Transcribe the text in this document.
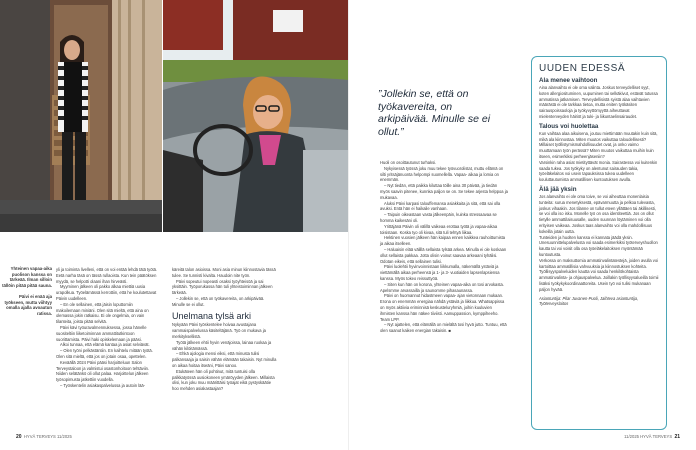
Yhteinen vapaa-aika puolison kanssa on tärkeää. Ilman silloin tällöin pitää pitää sauna.

Päivi ei enää aja työkseen, mutta viihtyy omalla ajalla avoautun ratissa.

yli ja toiminta livelleni, että on voi entää lehdä tätä työtä. Eetä narha täsä on tässä rullaoista. Kun tein päätöksen myydä, se helpotti olaani ihan hirveästi.

Myyminen jälkeen oli pakko alkaa miettiä uusia urapolkua. Työelämässä kerrottiin, että he koulutettavat Päivin uudelleen.

– En ole sellainen, että jäisin loputtomiin makoilemaan miniäni. Olen sitä mieltä, että aina on olemassa jokin ratkaisu. Ei ole ongelmia, on vain tilanteita, joista pitää selvitä.

Päivi kävi työuravalmennuksessa, jossa hänelle suositeltiin liiketoiminnan ammattitutkintoon suorittamista. Päivi haki opiskelemaan ja pääsi.

Alkoi tunnaa, että elämä kantaa ja asiat selviävät.

– Olen työni pelkästäntiin. En kaihtelu mitään työtä. Olen sitä mieltä, että jos on jotain osaa, opettelen.

Keväällä 2024 Päivi pääsi harjoitteluun Salon Terveystaloon ja valmistui osastonhoitoon tehtäviin. Niiden selätänkö oli ollut palaa. Harjoittelun jälkeen työsopimusta jatkettiin vuodella.

– Työskentelin asiakaspalvelussa ja autoin lää-

käreitä talon asioissa. Moni asia minun kiinnostavia tässä tulee. Se tunnisti kivalta. Haudoin nite työn.

Päivi sopeutui nopeasti osaksi työyhteisöä ja sai yksittäin. Työporukassa hän tuli yhteistoiminnan jälkeen tärkeää.

– Jollekin se, että on työkavereita, on arkipäivää. Minulle se ei ollut.

Unelmana tylsä arki

Nykyään Päivi työskentelee hoivaa avustajana vammaispalvelussa käsiteltäjänä. Työ on mukava ja merkityksellistä.

Työtä jälkeen ehtii hyvin venäjoissa, lainaa ruokaa ja vähän kilöitämässä.

– Ehkä ajologia mensi eiksi, että minusta tulisi palkansaaja ja saisin vähän elämään takaisin. Nyt minulla on aikaa hoitaa itseäni, Päivi sanoo.

Etukäteen hän oli pohtinut, mitä tuntuisi olla palkkatyössä uusiokoneen ymäröyyden jälkeen. Millaista olisi, kun joku muu määrittäisi työajat eikä pystyskäätie hoo mehden asiakastaajan?

”Jollekin se, että on työkavereita, on arkipäivää. Minulle se ei ollut.”

Huoli on osoittautunut turhaksi.

Nykyisessä työssä joku muu tekee työvuorolistat, muttu ellämä on silti yritsäjänuonta helpompi suomellella. Vapaa- aikaa ja lomia on enemmän.

– Nyt tiedän, että paikka kiluttaa töille aina 30 päivää, ja tiedän myös saavin pitenee, kunnka paljon se on. Se tekee arjesta helppoa ja mukavaa.

Aluksi Päivi karpasi talouffemansa asiakkaita ja sitä, että sai olla avuksi. Entä hän ei haikaile vanhaan.

– Taipuin oikeastaan vasta jälkeenpäin, kuinka stressaavaa se homma kaikesäni oli.

Yrittäjänä Päivin oli välillä vaikeaa erottaa työtä ja vapaa-aikaa toisistaan. Koska tyo oli kivaa, sitä tuli tehtyä liikaa.

Hektinen vuosien jälkeen hän kaipaa ennen kaikkea rauhoittumista ja aikaa itselleen.

– Haluaisin elää välillä sellaista tylsää arkea. Minulla ei ole koskaan ollut sellaista pakkaa. Jotta olisin voinut saavaa arkeaani tyhälisi. Odotan eikeis, että sellainen tulisi.

Päivi luolehtii hyvinvoinnistaan liikkumalla, näkemällä ystäviä ja viettämällä aikaa perheensä ja 1- ja 3- vuotiaiden lapsenlapsiensa kanssa. Myös tokeo reissuttyöä.

– Siten kun hän on korona, yhteinen vapaa-aika on tosi arvokasta. Apelsmme arvassailla ja saunomme pihasaunassa.

Päivi on huomannut hidastmeen vapaa- ajan vietonnaan mukaan. Erona on enemmän energiaa nähdä ystäviä ja liikkua. Whatsappissa on myös aktiivia eriminnisä keskusteluryhmiä, joihin kuuluvien ihmisten kanssa hän näkee tiiviisti. Aamuppassion, kymppiheeho. Team LPP.

– Nyt ajattelen, että elämällä on mielältä tosi hyvä jutto. Tuntuu, että olen saanut kaiken energian takaisin. ■

UUDEN EDESSÄ
Ala menee vaihtoon

Aina alanvaihto ei ole oma valinta. Joskus terveydelliset syyt, koten allergiosituminen, uupuminen tai selkäkivut, estävät tutussa ammatissa jatkamisen. Terveydellisistä syistä alaa vaihtavien määrästä ei ole tarkkaa tietoa, mutta eniten työkäsiten sairauspoissaoloja ja työkyvyttömyyttä aiheuttavat mielenterveyden häiriöt ja tuki- ja liikuntaelinsairaudet.

Talous voi huolettaa

Kun vaihtaa alaa aikuisena, joutuu miettimään muutakin kuin sitä, mikä ala kiinnostaa. Miten muutos vaikuttaa taloudellisesti? Millaiset työllistymismahdollisuudet ovat, ja onko vaimo muuttamaan työn perässä? Miten muutos vaikuttaa muihin kuin itseen, esimerkiksi perheenjäseniin?
Varsinkin raha asiat mietityttävät monia. Sairastessa voi kuitenkin saada tukea. Jos työkyky on alentunut sairauden takia, työeläkelaitos voi usein tapauksissa tukea uudelleen kouluttautumista ammatillisen kuntoutuksen avulla.

Älä jää yksin

Jos alanvaihto ei ole oma toive, se voi aiheuttaa monenlaisia tunteita: surua menetyksestä, epävarmuutta ja pelkoa tulevasta, joskus vihaakin. Jos tilanne on tullut eteen yllättäen tai äkillisesti, se voi olla iso isku. Monelle työ on osa identiteettiä. Jos on ollut tietylle ammattilaisuusalle, uuden suunnan löytäminen voi olla erityisen vaikeaa. Joskus taas alanvaihto voi olla mahdollisuus kokeilla jotain uutta.
Tunteiden ja huolten kanssa ei kannata jäädä yksin. Unesuunnittelupalvelusta voi saada esimerkiksi työterveyshuollon kautta tai voi voisit olla osa työeläkelaitoksen myöntämää kuntoutusta.
Verkossa on maksuttomia ammatinvalintatestejä, joiden avulla voi kartoittaa ammatillisia vahvuuksia ja kiinnostuksen kohteita. Työllisyyspalveluiden kautta voi saada henkilökohtaista ammatinvalinta- ja ohjauspalvelua. Joillakin työllisyysalueilla toimii lisäksi työkykykoordinaattoreita. Usein työ voi tulisi mukanaan paljon hyvää.

Asiantuntija: Pilar Juvanen-Puoli, Jaihteva asiantuntija, Työterveyslaitos

20 HYVÄ TERVEYS 11/2025	11/2025 HYVÄ TERVEYS 21
